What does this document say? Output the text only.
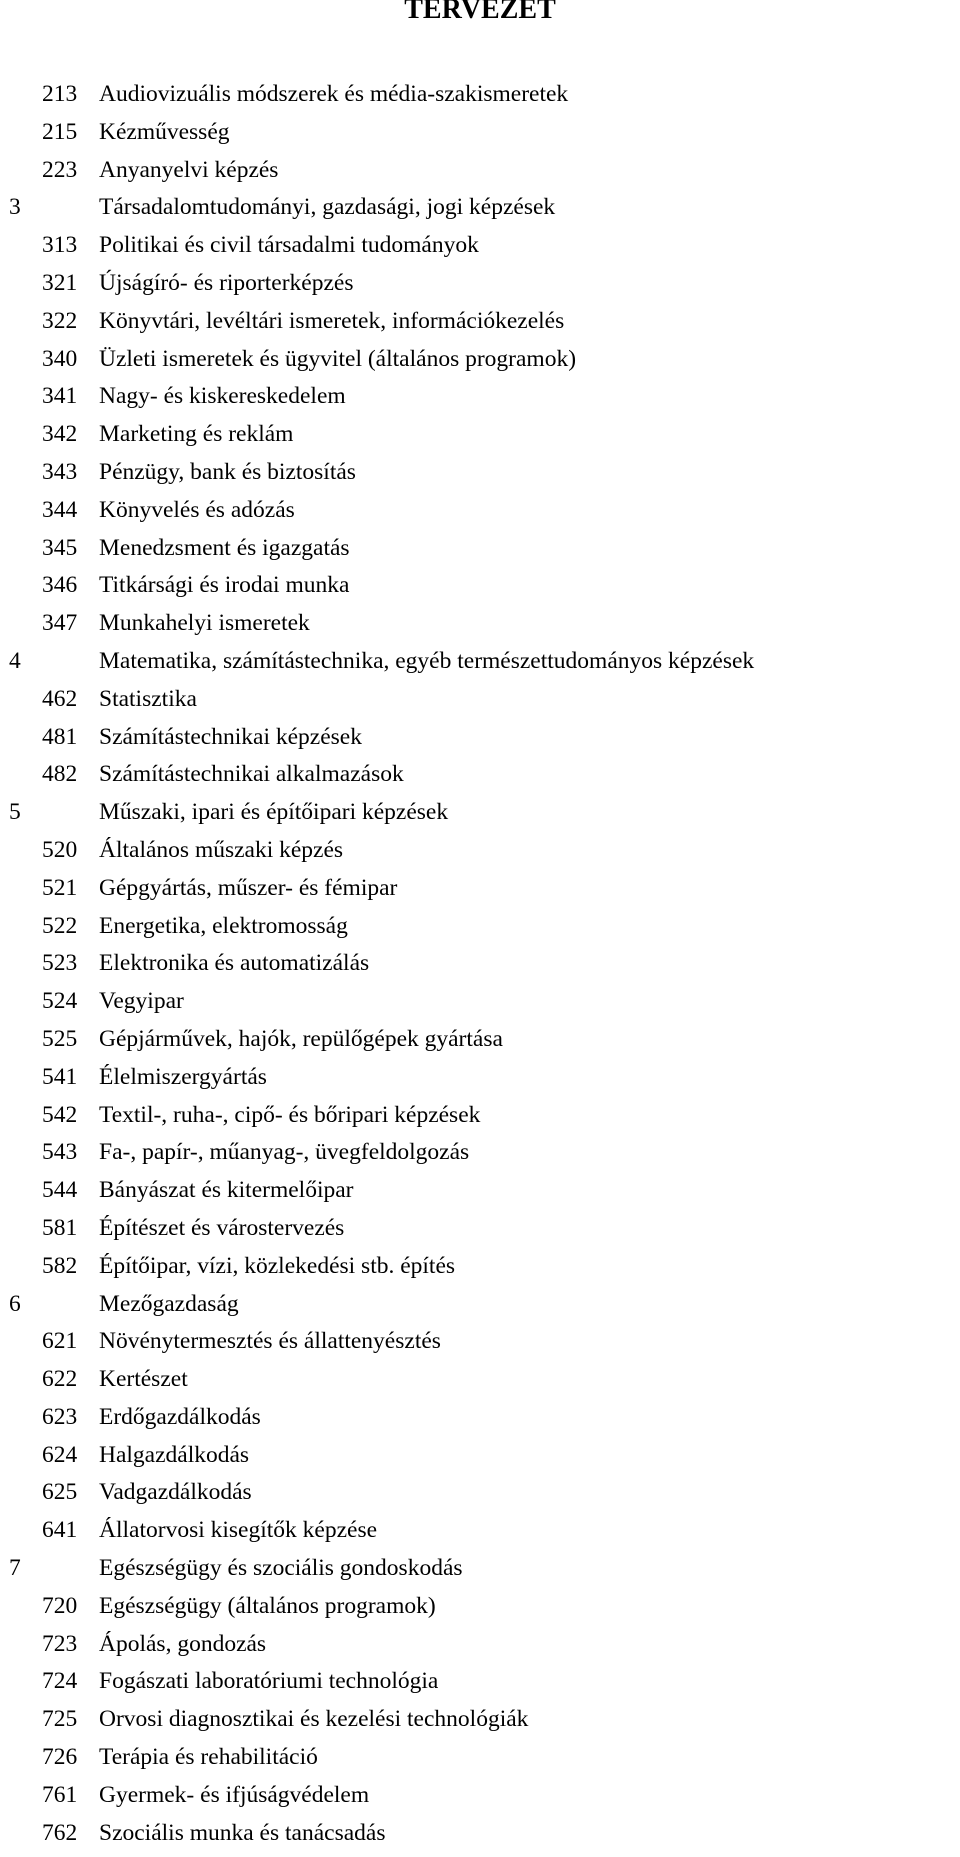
TERVEZET
213 Audiovizuális módszerek és média-szakismeretek
215 Kézművesség
223 Anyanyelvi képzés
3	Társadalomtudományi, gazdasági, jogi képzések
313 Politikai és civil társadalmi tudományok
321 Újságíró- és riporterképzés
322 Könyvtári, levéltári ismeretek, információkezelés
340 Üzleti ismeretek és ügyvitel (általános programok)
341 Nagy- és kiskereskedelem
342 Marketing és reklám
343 Pénzügy, bank és biztosítás
344 Könyvelés és adózás
345 Menedzsment és igazgatás
346 Titkársági és irodai munka
347 Munkahelyi ismeretek
4	Matematika, számítástechnika, egyéb természettudományos képzések
462 Statisztika
481 Számítástechnikai képzések
482 Számítástechnikai alkalmazások
5	Műszaki, ipari és építőipari képzések
520 Általános műszaki képzés
521 Gépgyártás, műszer- és fémipar
522 Energetika, elektromosság
523 Elektronika és automatizálás
524 Vegyipar
525 Gépjárművek, hajók, repülőgépek gyártása
541 Élelmiszergyártás
542 Textil-, ruha-, cipő- és bőripari képzések
543 Fa-, papír-, műanyag-, üvegfeldolgozás
544 Bányászat és kitermelőipar
581 Építészet és várostervezés
582 Építőipar, vízi, közlekedési stb. építés
6	Mezőgazdaság
621 Növénytermesztés és állattenyésztés
622 Kertészet
623 Erdőgazdálkodás
624 Halgazdálkodás
625 Vadgazdálkodás
641 Állatorvosi kisegítők képzése
7	Egészségügy és szociális gondoskodás
720 Egészségügy (általános programok)
723 Ápolás, gondozás
724 Fogászati laboratóriumi technológia
725 Orvosi diagnosztikai és kezelési technológiák
726 Terápia és rehabilitáció
761 Gyermek- és ifjúságvédelem
762 Szociális munka és tanácsadás
